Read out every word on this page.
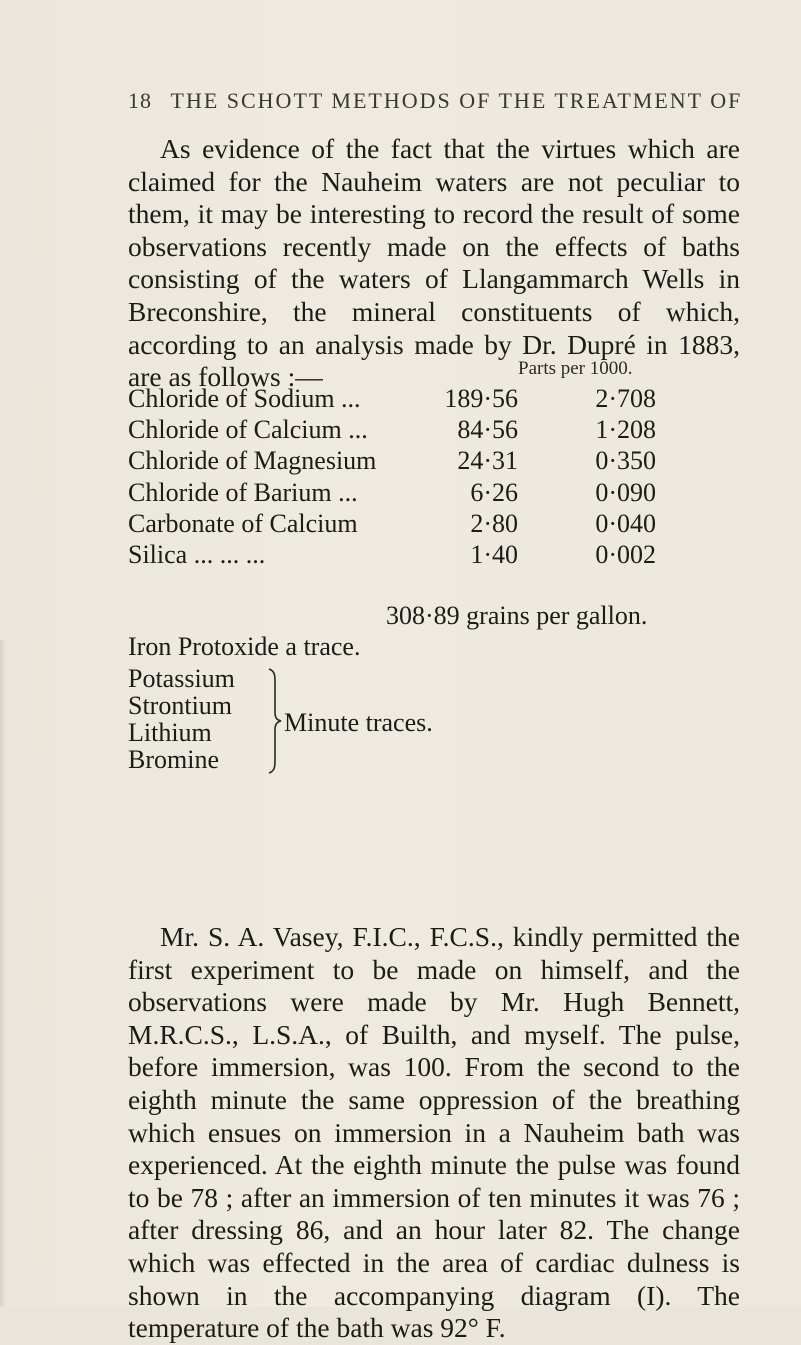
18 THE SCHOTT METHODS OF THE TREATMENT OF

As evidence of the fact that the virtues which are claimed for the Nauheim waters are not peculiar to them, it may be interesting to record the result of some observations recently made on the effects of baths consisting of the waters of Llangammarch Wells in Breconshire, the mineral constituents of which, according to an analysis made by Dr. Dupré in 1883, are as follows :—	Parts per 1000.
Chloride of Sodium ...	189·56	2·708
Chloride of Calcium ...	84·56	1·208
Chloride of Magnesium	24·31	0·350
Chloride of Barium ...	6·26	0·090
Carbonate of Calcium	2·80	0·040
Silica ... ... ...	1·40	0·002
308·89 grains per gallon.
Iron Protoxide a trace.
Potassium
Strontium
Lithium
Bromine
Minute traces.

Mr. S. A. Vasey, F.I.C., F.C.S., kindly permitted the first experiment to be made on himself, and the observations were made by Mr. Hugh Bennett, M.R.C.S., L.S.A., of Builth, and myself. The pulse, before immersion, was 100. From the second to the eighth minute the same oppression of the breathing which ensues on immersion in a Nauheim bath was experienced. At the eighth minute the pulse was found to be 78 ; after an immersion of ten minutes it was 76 ; after dressing 86, and an hour later 82. The change which was effected in the area of cardiac dulness is shown in the accompanying diagram (I). The temperature of the bath was 92° F.
